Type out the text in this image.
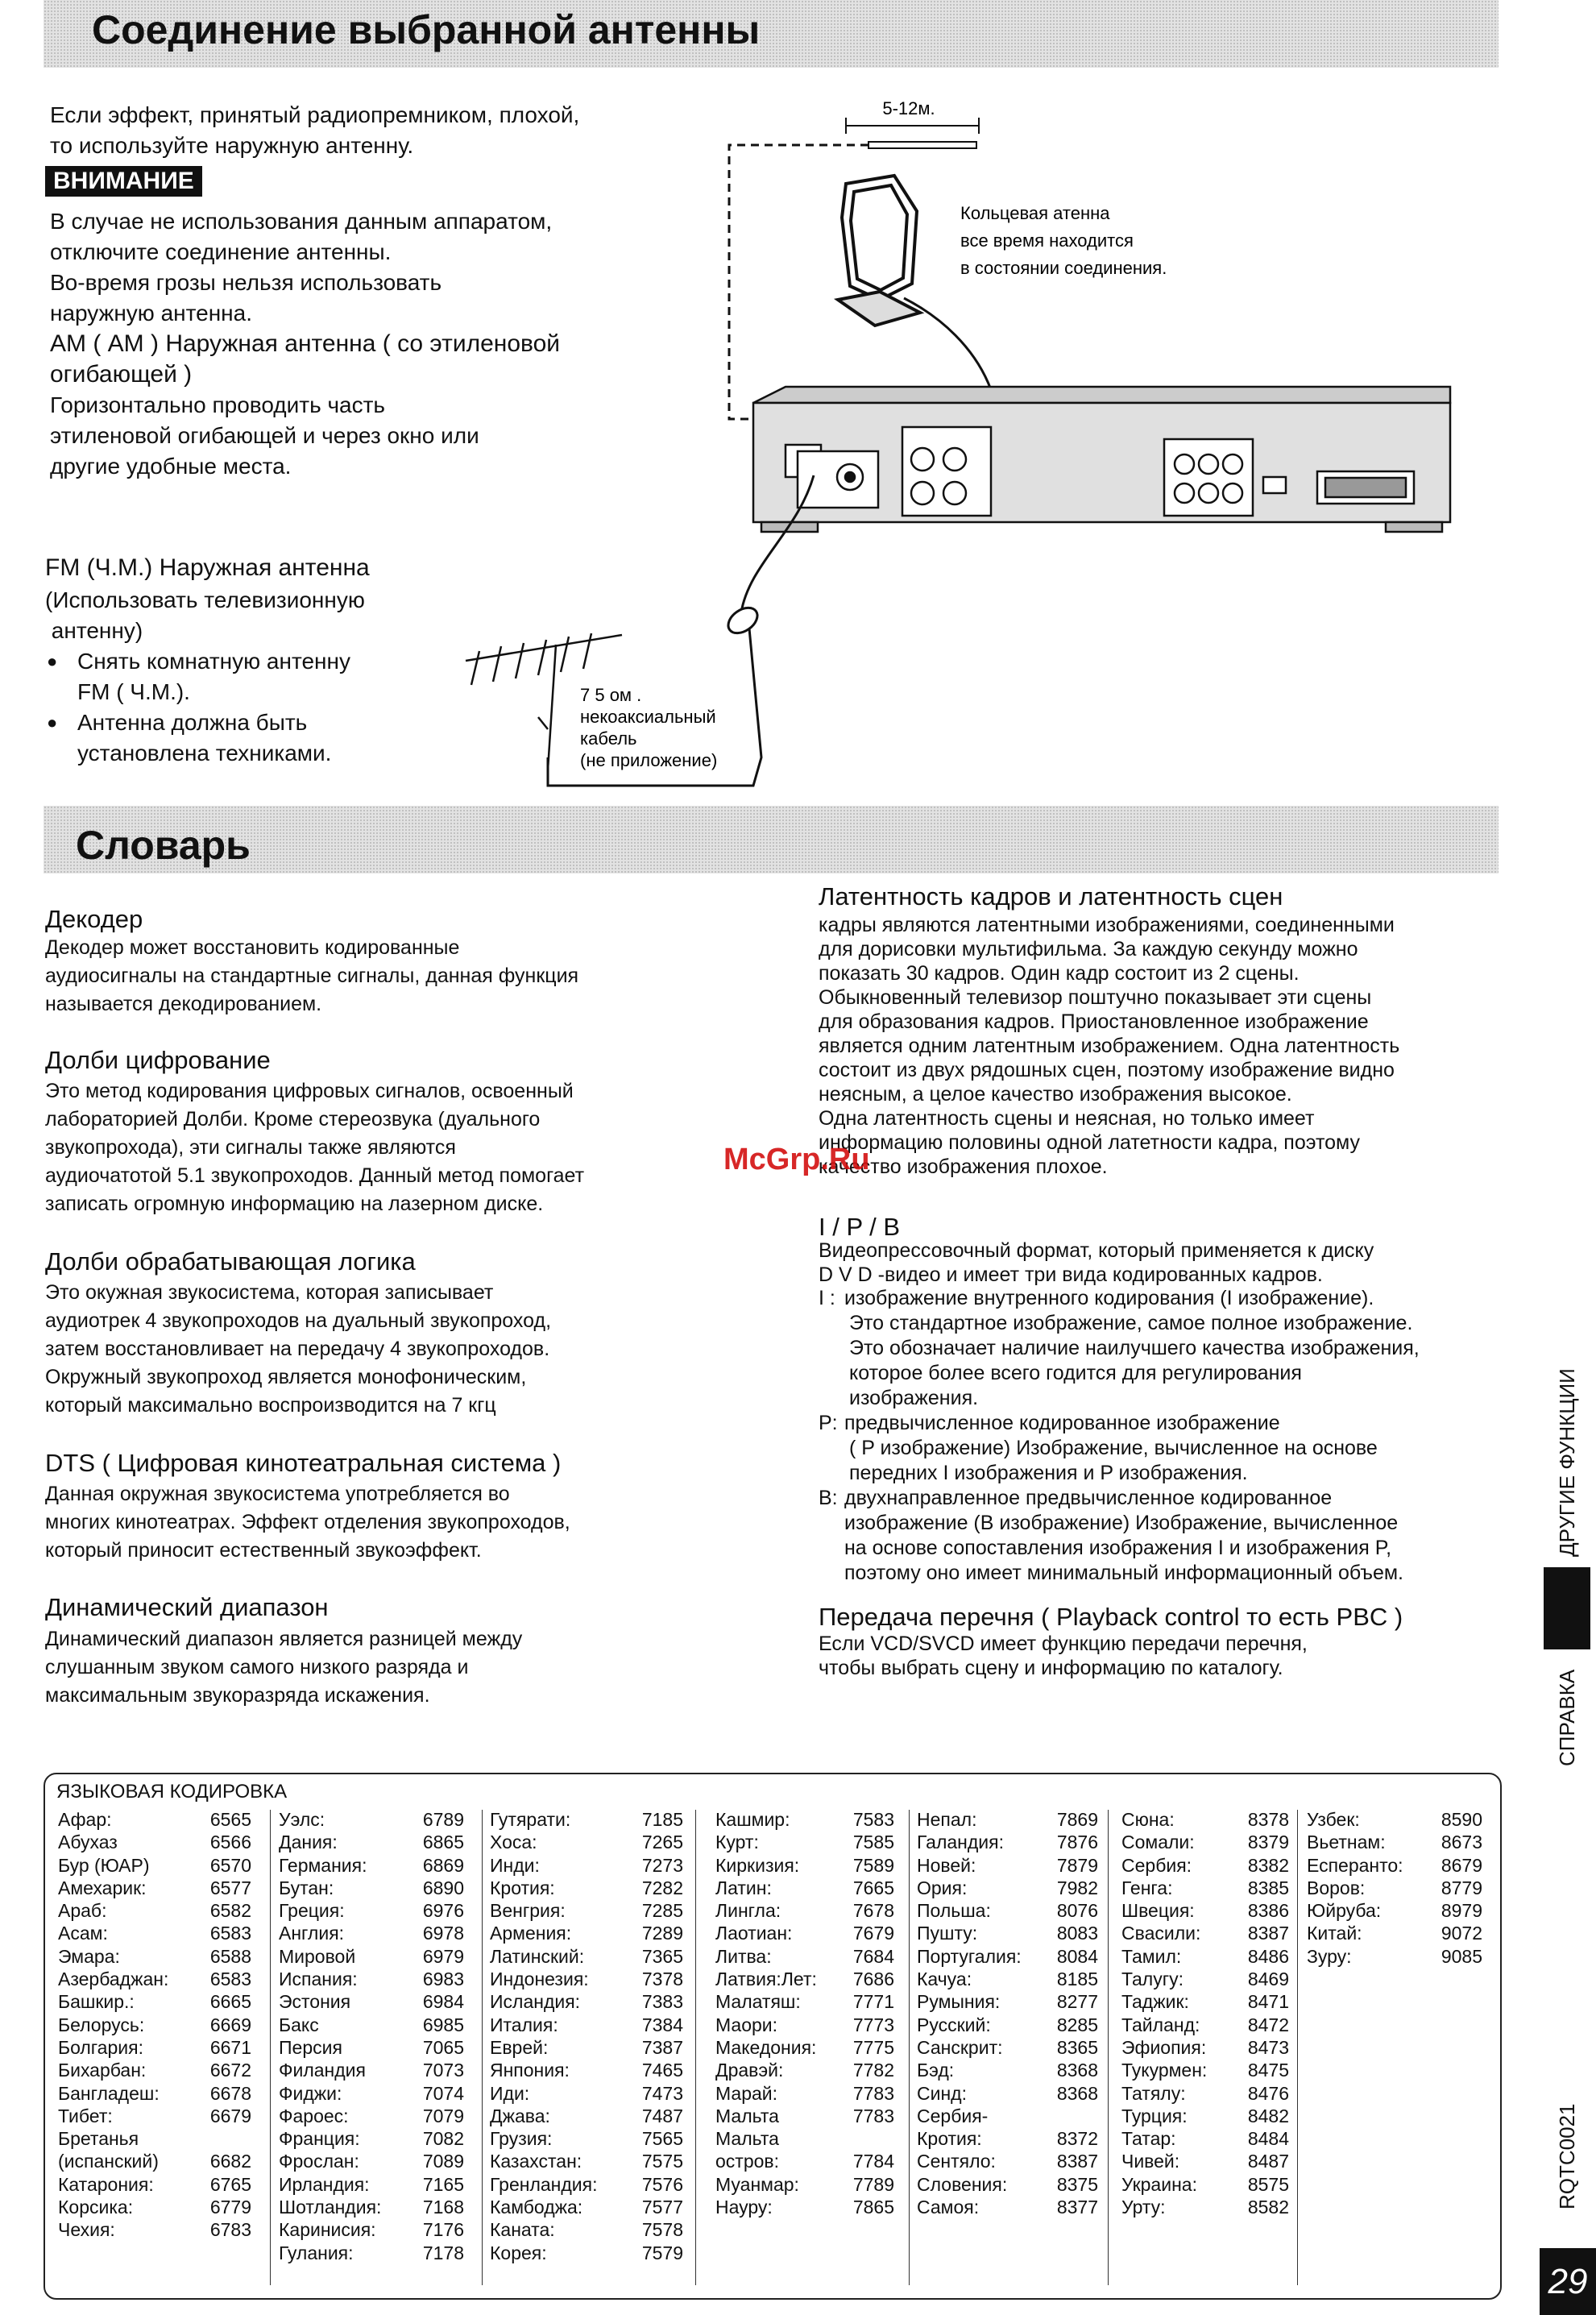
Соединение выбранной антенны

Если эффект, принятый радиопремником, плохой,

то используйте наружную антенну.

ВНИМАНИЕ

В случае не использования данным аппаратом,

отключите соединение антенны.

Во-время грозы нельзя использовать

наружную антенна.

АМ ( АМ ) Наружная антенна ( со этиленовой

огибающей )

Горизонтально проводить часть

этиленовой огибающей и через окно или

другие удобные места.

FM (Ч.М.) Наружная антенна

(Использовать телевизионную

антенну)

● Снять комнатную антенну
FM ( Ч.М.).
● Антенна должна быть
установлена техниками.
5-12м.
Кольцевая атенна все время находится в состоянии соединения.
7 5 ом . некоаксиальный кабель (не приложение)
Словарь

Декодер

Декодер может восстановить кодированные

аудиосигналы на стандартные сигналы, данная функция

называется декодированием.

Долби цифрование

Это метод кодирования цифровых сигналов, освоенный

лабораторией Долби. Кроме стереозвука (дуального

звукопрохода), эти сигналы также являются

аудиочатотой 5.1 звукопроходов. Данный метод помогает

записать огромную информацию на лазерном диске.

Долби обрабатывающая логика

Это окужная звукосистема, которая записывает

аудиотрек 4 звукопроходов на дуальный звукопроход,

затем восстановливает на передачу 4 звукопроходов.

Окружный звукопроход является монофоническим,

который максимально воспроизводится на 7 кгц

DTS ( Цифровая кинотеатральная система )

Данная окружная звукосистема употребляется во

многих кинотеатрах. Эффект отделения звукопроходов,

который приносит естественный звукоэффект.

Динамический диапазон

Динамический диапазон является разницей между

слушанным звуком самого низкого разряда и

максимальным звукоразряда искажения.

Латентность кадров и латентность сцен

кадры являются латентными изображениями, соединенными

для дорисовки мультифильма. За каждую секунду можно

показать 30 кадров. Один кадр состоит из 2 сцены.

Обыкновенный телевизор поштучно показывает эти сцены

для образования кадров. Приостановленное изображение

является одним латентным изображением. Одна латентность

состоит из двух рядошных сцен, поэтому изображение видно

неясным, а целое качество изображения высокое.

Одна латентность сцены и неясная, но только имеет

информацию половины одной латетности кадра, поэтому

качество изображения плохое.

I / P / B

Видеопрессовочный формат, который применяется к диску

D V D -видео и имеет три вида кодированных кадров.

I : изображение внутренного кодирования (I изображение).
Это стандартное изображение, самое полное изображение.
Это обозначает наличие наилучшего качества изображения,
которое более всего годится для регулирования
изображения.
P: предвычисленное кодированное изображение
( P изображение) Изображение, вычисленное на основе
передних I изображения и P изображения.
B: двухнаправленное предвычисленное кодированное
изображение (В изображение) Изображение, вычисленное
на основе сопоставления изображения I и изображения P,
поэтому оно имеет минимальный информационный объем.

Передача перечня ( Playback control то есть PBC )

Если VCD/SVCD имеет функцию передачи перечня,

чтобы выбрать сцену и информацию по каталогу.

McGrp.Ru
ЯЗЫКОВАЯ КОДИРОВКА
Афар:	6565
Абухаз	6566
Бур (ЮАР)	6570
Амехарик:	6577
Араб:	6582
Асам:	6583
Эмара:	6588
Азербаджан: 6583
Башкир.:	6665
Белорусь:	6669
Болгария:	6671
Бихарбан:	6672
Бангладеш:	6678
Тибет:	6679
Бретанья
(испанский)	6682
Катарония:	6765
Корсика:	6779
Чехия:	6783
Уэлс:	6789
Дания:	6865
Германия:	6869
Бутан:	6890
Греция:	6976
Англия:	6978
Мировой	6979
Испания:	6983
Эстония	6984
Бакс	6985
Персия	7065
Филандия	7073
Фиджи:	7074
Фароес:	7079
Франция:	7082
Фрослан:	7089
Ирландия:	7165
Шотландия: 7168
Каринисия:	7176
Гулания:	7178
Гутярати:	7185
Хоса:	7265
Инди:	7273
Кротия:	7282
Венгрия:	7285
Армения:	7289
Латинский:	7365
Индонезия:	7378
Исландия:	7383
Италия:	7384
Еврей:	7387
Янпония:	7465
Иди:	7473
Джава:	7487
Грузия:	7565
Казахстан:	7575
Гренландия: 7576
Камбоджа:	7577
Каната:	7578
Корея:	7579
Кашмир:	7583
Курт:	7585
Киркизия:	7589
Латин:	7665
Лингла:	7678
Лаотиан:	7679
Литва:	7684
Латвия:Лет: 7686
Малатяш:	7771
Маори:	7773
Македония: 7775
Дравэй:	7782
Марай:	7783
Мальта	7783
Мальта
остров:	7784
Муанмар:	7789
Науру:	7865
Непал:	7869
Галандия:	7876
Новей:	7879
Ория:	7982
Польша:	8076
Пушту:	8083
Португалия: 8084
Качуа:	8185
Румыния:	8277
Русский:	8285
Санскрит:	8365
Бэд:	8368
Синд:	8368
Сербия-
Кротия:	8372
Сентяло:	8387
Словения:	8375
Самоя:	8377
Сюна:	8378
Сомали:	8379
Сербия:	8382
Генга:	8385
Швеция:	8386
Свасили:	8387
Тамил:	8486
Талугу:	8469
Таджик:	8471
Тайланд:	8472
Эфиопия: 8473
Тукурмен: 8475
Татялу:	8476
Турция:	8482
Татар:	8484
Чивей:	8487
Украина:	8575
Урту:	8582
Узбек:	8590
Вьетнам:	8673
Есперанто: 8679
Воров:	8779
Юйруба:	8979
Китай:	9072
Зуру:	9085
ДРУГИЕ ФУНКЦИИ
СПРАВКА
RQTC0021
29
